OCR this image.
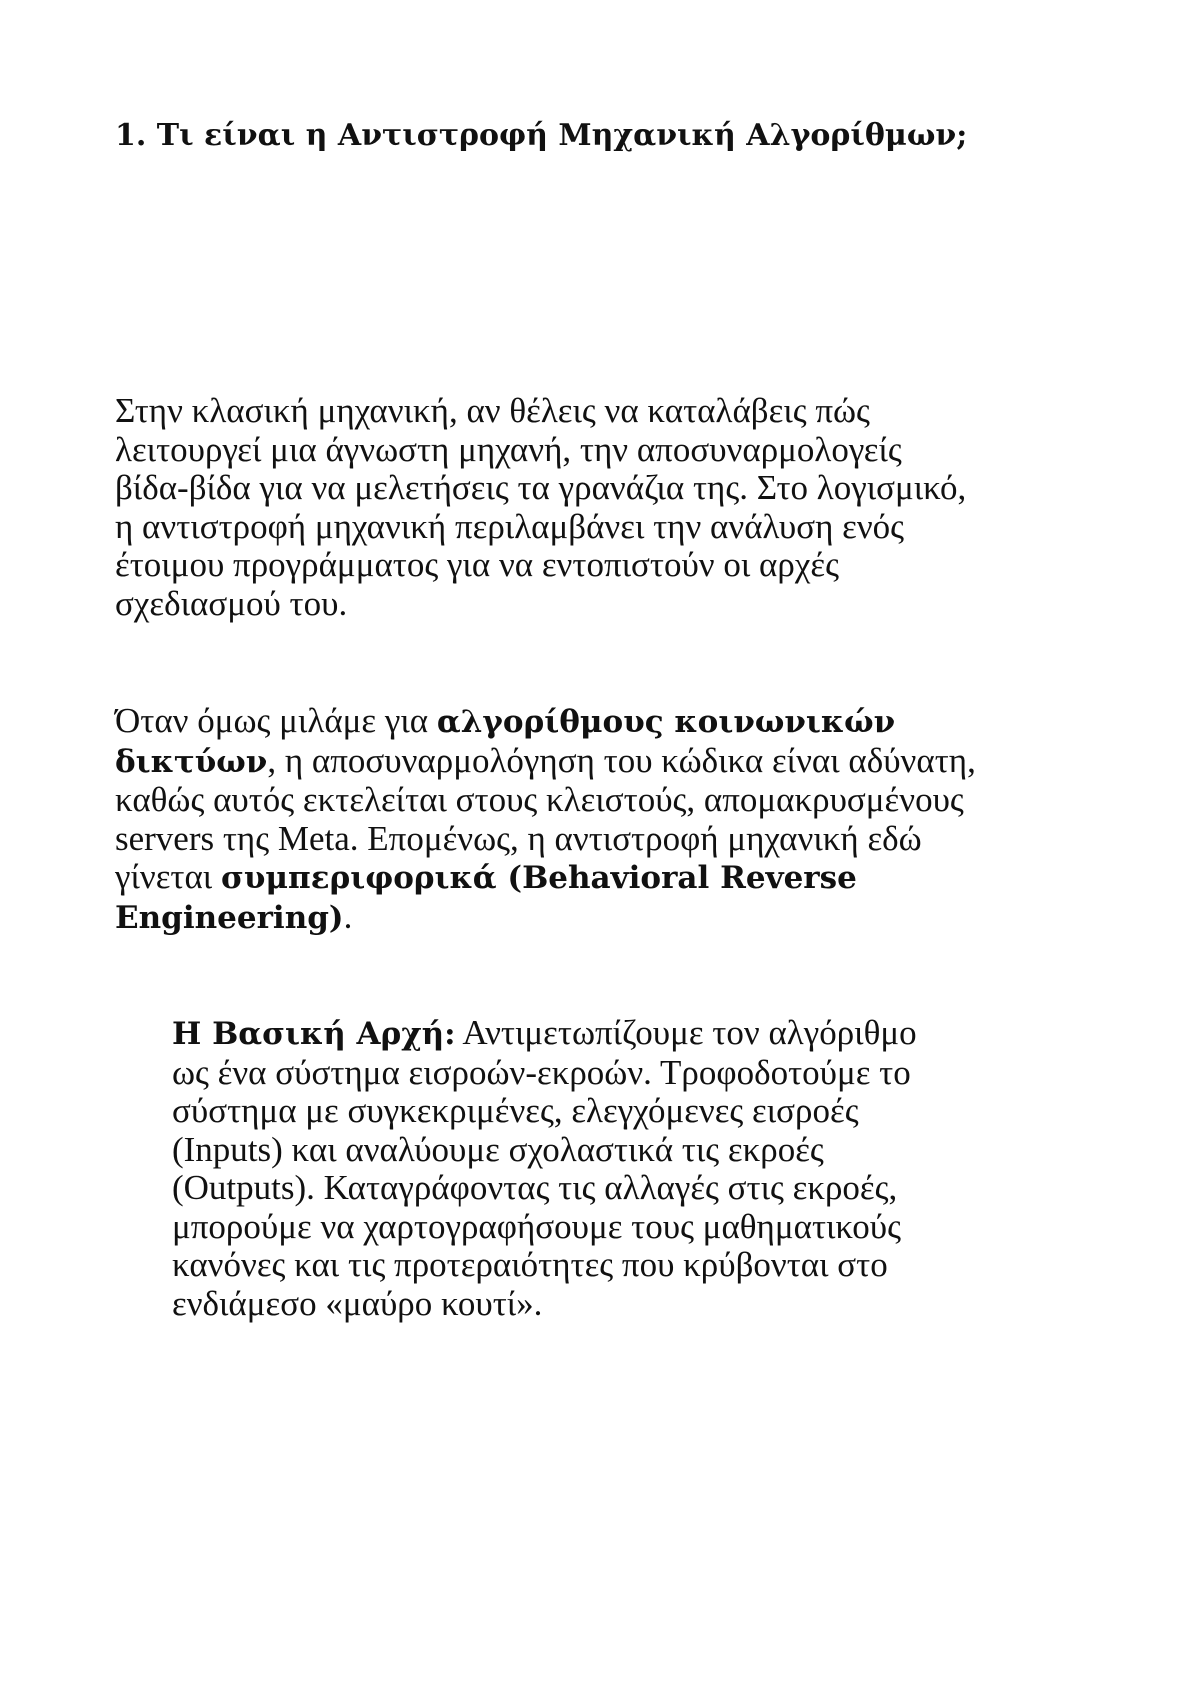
1. Τι είναι η Αντιστροφή Μηχανική Αλγορίθμων;

Στην κλασική μηχανική, αν θέλεις να καταλάβεις πώς
λειτουργεί μια άγνωστη μηχανή, την αποσυναρμολογείς
βίδα-βίδα για να μελετήσεις τα γρανάζια της. Στο λογισμικό,
η αντιστροφή μηχανική περιλαμβάνει την ανάλυση ενός
έτοιμου προγράμματος για να εντοπιστούν οι αρχές
σχεδιασμού του.

Όταν όμως μιλάμε για αλγορίθμους κοινωνικών
δικτύων, η αποσυναρμολόγηση του κώδικα είναι αδύνατη,
καθώς αυτός εκτελείται στους κλειστούς, απομακρυσμένους
servers της Meta. Επομένως, η αντιστροφή μηχανική εδώ
γίνεται συμπεριφορικά (Behavioral Reverse
Engineering).

Η Βασική Αρχή: Αντιμετωπίζουμε τον αλγόριθμο
ως ένα σύστημα εισροών-εκροών. Τροφοδοτούμε το
σύστημα με συγκεκριμένες, ελεγχόμενες εισροές
(Inputs) και αναλύουμε σχολαστικά τις εκροές
(Outputs). Καταγράφοντας τις αλλαγές στις εκροές,
μπορούμε να χαρτογραφήσουμε τους μαθηματικούς
κανόνες και τις προτεραιότητες που κρύβονται στο
ενδιάμεσο «μαύρο κουτί».
